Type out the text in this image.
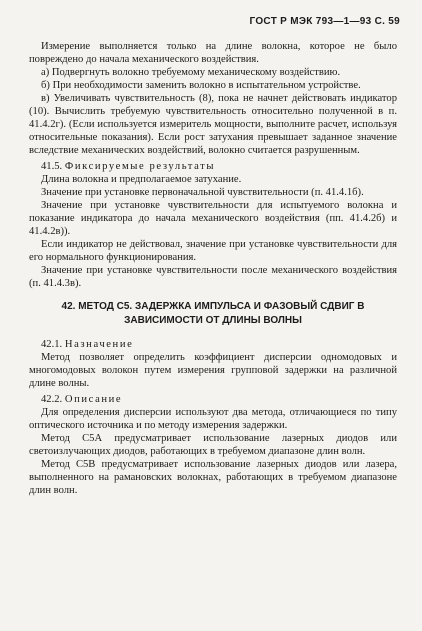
ГОСТ Р МЭК 793—1—93 С. 59

Измерение выполняется только на длине волокна, которое не было повреждено до начала механического воздействия.

а) Подвергнуть волокно требуемому механическому воздействию.

б) При необходимости заменить волокно в испытательном устройстве.

в) Увеличивать чувствительность (8), пока не начнет действовать индикатор (10). Вычислить требуемую чувствительность относительно полученной в п. 41.4.2г). (Если используется измеритель мощности, выполните расчет, используя относительные показания). Если рост затухания превышает заданное значение вследствие механических воздействий, волокно считается разрушенным.

41.5. Фиксируемые результаты

Длина волокна и предполагаемое затухание.

Значение при установке первоначальной чувствительности (п. 41.4.1б).

Значение при установке чувствительности для испытуемого волокна и показание индикатора до начала механического воздействия (пп. 41.4.2б) и 41.4.2в)).

Если индикатор не действовал, значение при установке чувствительности для его нормального функционирования.

Значение при установке чувствительности после механического воздействия (п. 41.4.3в).

42. МЕТОД С5. ЗАДЕРЖКА ИМПУЛЬСА И ФАЗОВЫЙ СДВИГ В ЗАВИСИМОСТИ ОТ ДЛИНЫ ВОЛНЫ

42.1. Назначение

Метод позволяет определить коэффициент дисперсии одномодовых и многомодовых волокон путем измерения групповой задержки на различной длине волны.

42.2. Описание

Для определения дисперсии используют два метода, отличающиеся по типу оптического источника и по методу измерения задержки.

Метод С5А предусматривает использование лазерных диодов или светоизлучающих диодов, работающих в требуемом диапазоне длин волн.

Метод С5В предусматривает использование лазерных диодов или лазера, выполненного на рамановских волокнах, работающих в требуемом диапазоне длин волн.
